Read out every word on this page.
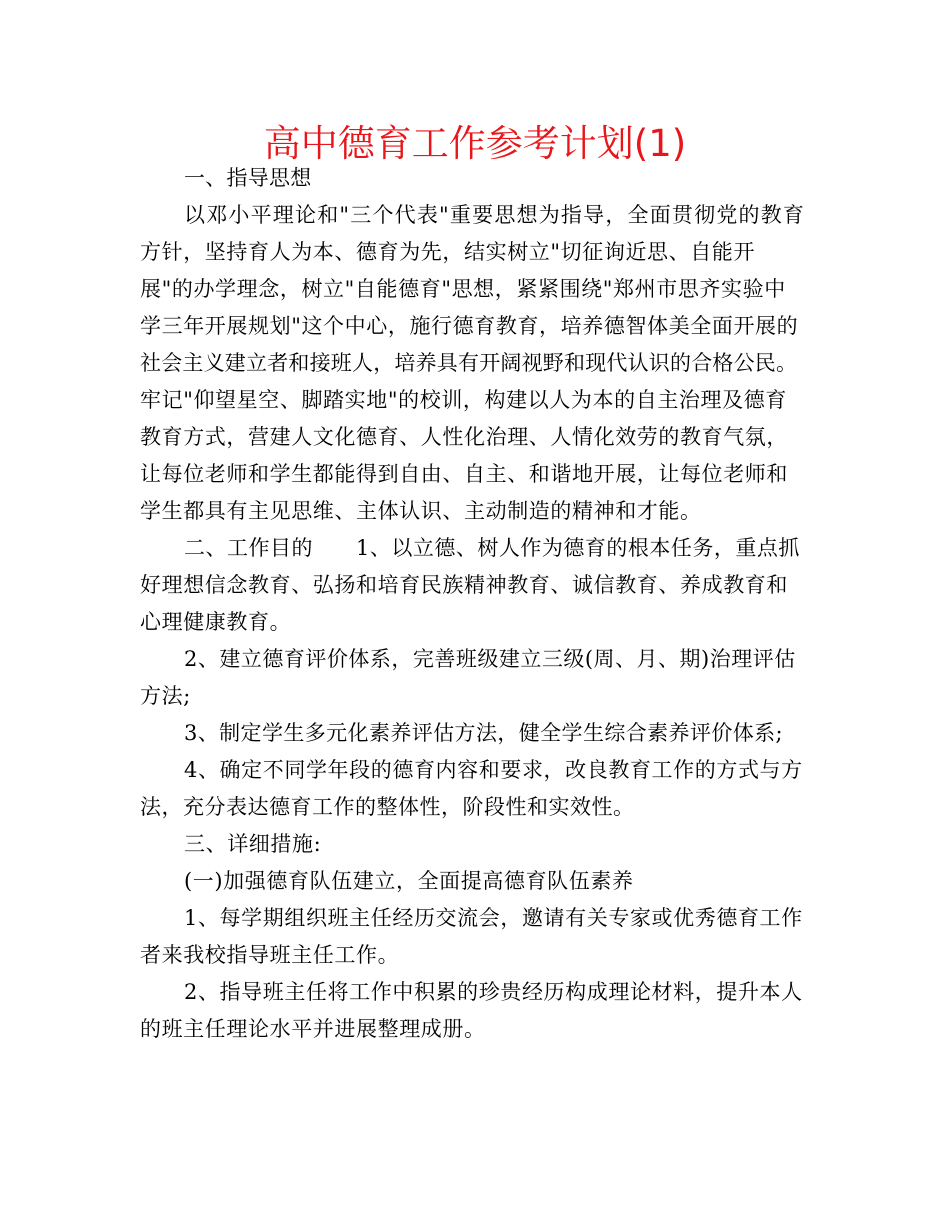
高中德育工作参考计划(1)
一、指导思想
以邓小平理论和"三个代表"重要思想为指导，全面贯彻党的教育
方针，坚持育人为本、德育为先，结实树立"切征询近思、自能开
展"的办学理念，树立"自能德育"思想，紧紧围绕"郑州市思齐实验中
学三年开展规划"这个中心，施行德育教育，培养德智体美全面开展的
社会主义建立者和接班人，培养具有开阔视野和现代认识的合格公民。
牢记"仰望星空、脚踏实地"的校训，构建以人为本的自主治理及德育
教育方式，营建人文化德育、人性化治理、人情化效劳的教育气氛，
让每位老师和学生都能得到自由、自主、和谐地开展，让每位老师和
学生都具有主见思维、主体认识、主动制造的精神和才能。
二、工作目的　　1、以立德、树人作为德育的根本任务，重点抓
好理想信念教育、弘扬和培育民族精神教育、诚信教育、养成教育和
心理健康教育。
2、建立德育评价体系，完善班级建立三级(周、月、期)治理评估
方法;
3、制定学生多元化素养评估方法，健全学生综合素养评价体系;
4、确定不同学年段的德育内容和要求，改良教育工作的方式与方
法，充分表达德育工作的整体性，阶段性和实效性。
三、详细措施:
(一)加强德育队伍建立，全面提高德育队伍素养
1、每学期组织班主任经历交流会，邀请有关专家或优秀德育工作
者来我校指导班主任工作。
2、指导班主任将工作中积累的珍贵经历构成理论材料，提升本人
的班主任理论水平并进展整理成册。
